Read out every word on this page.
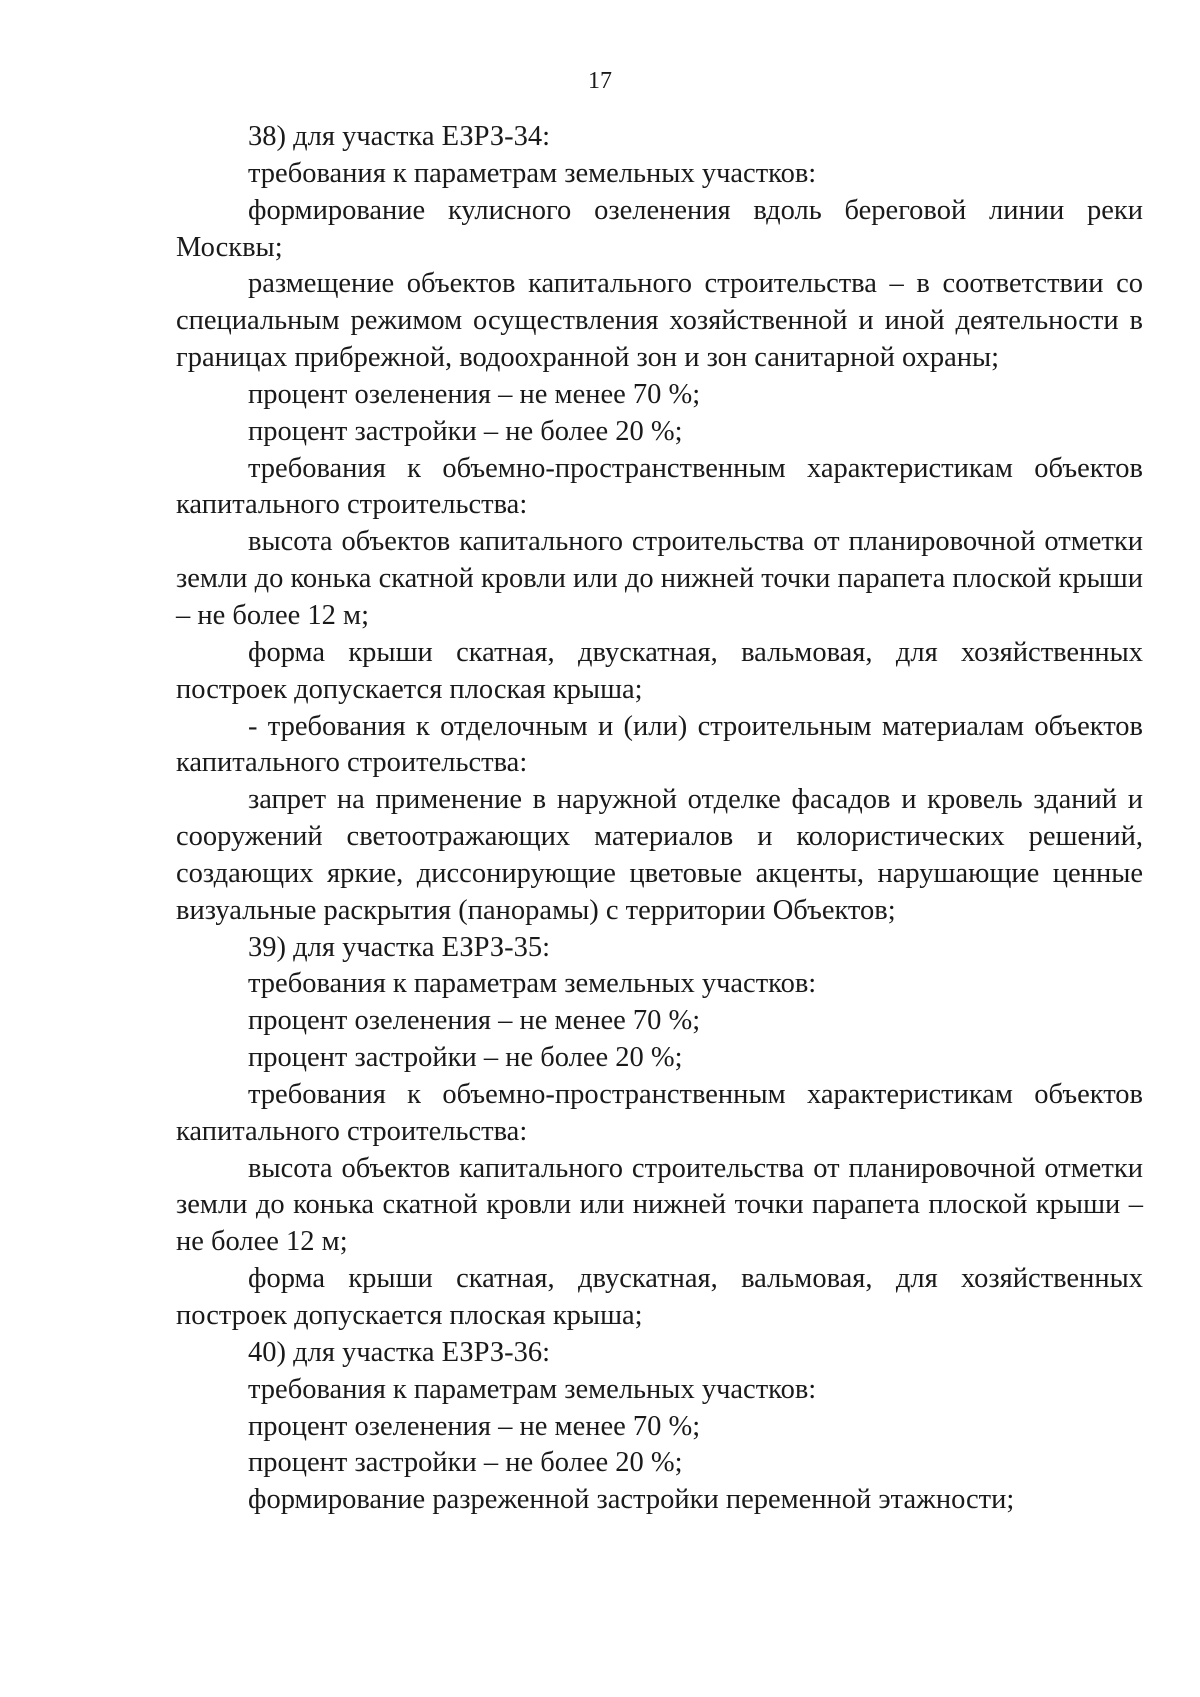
17

38) для участка ЕЗРЗ-34:

требования к параметрам земельных участков:

формирование кулисного озеленения вдоль береговой линии реки Москвы;

размещение объектов капитального строительства – в соответствии со специальным режимом осуществления хозяйственной и иной деятельности в границах прибрежной, водоохранной зон и зон санитарной охраны;

процент озеленения – не менее 70 %;

процент застройки – не более 20 %;

требования к объемно-пространственным характеристикам объектов капитального строительства:

высота объектов капитального строительства от планировочной отметки земли до конька скатной кровли или до нижней точки парапета плоской крыши – не более 12 м;

форма крыши скатная, двускатная, вальмовая, для хозяйственных построек допускается плоская крыша;

- требования к отделочным и (или) строительным материалам объектов капитального строительства:

запрет на применение в наружной отделке фасадов и кровель зданий и сооружений светоотражающих материалов и колористических решений, создающих яркие, диссонирующие цветовые акценты, нарушающие ценные визуальные раскрытия (панорамы) с территории Объектов;

39) для участка ЕЗРЗ-35:

требования к параметрам земельных участков:

процент озеленения – не менее 70 %;

процент застройки – не более 20 %;

требования к объемно-пространственным характеристикам объектов капитального строительства:

высота объектов капитального строительства от планировочной отметки земли до конька скатной кровли или нижней точки парапета плоской крыши – не более 12 м;

форма крыши скатная, двускатная, вальмовая, для хозяйственных построек допускается плоская крыша;

40) для участка ЕЗРЗ-36:

требования к параметрам земельных участков:

процент озеленения – не менее 70 %;

процент застройки – не более 20 %;

формирование разреженной застройки переменной этажности;
